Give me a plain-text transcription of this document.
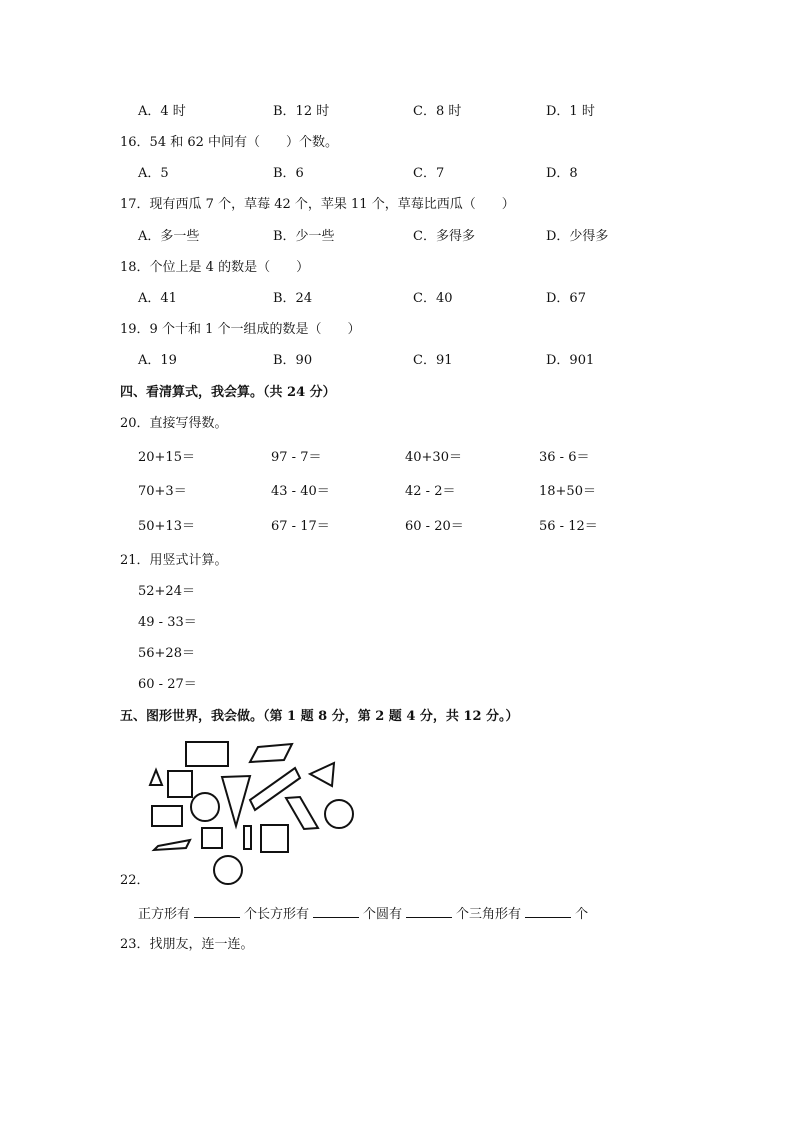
A．4 时	B．12 时	C．8 时	D．1 时
16．54 和 62 中间有（　　）个数。
A．5	B．6	C．7	D．8
17．现有西瓜 7 个，草莓 42 个，苹果 11 个，草莓比西瓜（　　）
A．多一些	B．少一些	C．多得多	D．少得多
18．个位上是 4 的数是（　　）
A．41	B．24	C．40	D．67
19．9 个十和 1 个一组成的数是（　　）
A．19	B．90	C．91	D．901
四、看清算式，我会算。（共 24 分）
20．直接写得数。
20+15＝	97 - 7＝	40+30＝	36 - 6＝
70+3＝	43 - 40＝	42 - 2＝	18+50＝
50+13＝	67 - 17＝	60 - 20＝	56 - 12＝
21．用竖式计算。
52+24＝
49 - 33＝
56+28＝
60 - 27＝
五、图形世界，我会做。（第 1 题 8 分，第 2 题 4 分，共 12 分。）
22．
正方形有	个长方形有	个圆有	个三角形有	个
23．找朋友，连一连。
